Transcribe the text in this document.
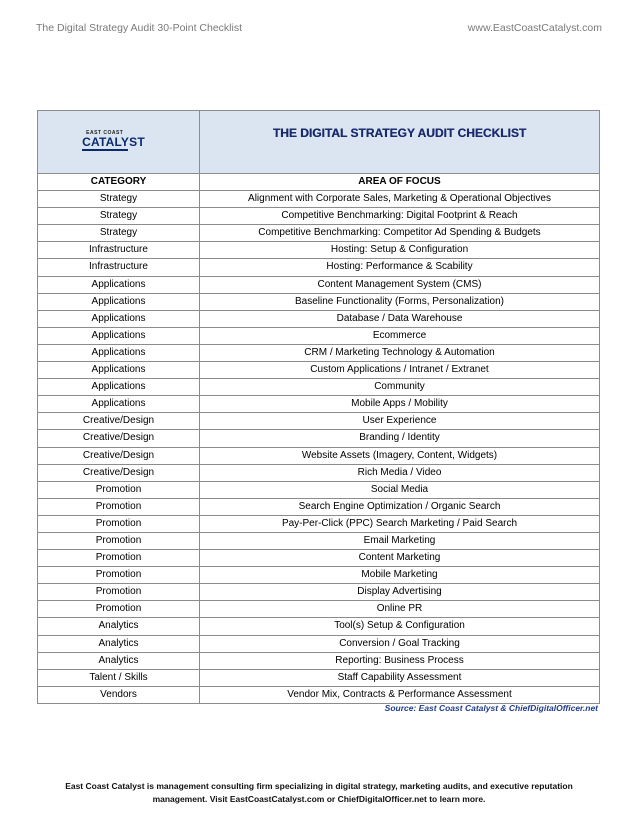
The Digital Strategy Audit 30-Point Checklist	www.EastCoastCatalyst.com
EAST COAST
CATALYST	THE DIGITAL STRATEGY AUDIT CHECKLIST
CATEGORY	AREA OF FOCUS
Strategy	Alignment with Corporate Sales, Marketing & Operational Objectives
Strategy	Competitive Benchmarking: Digital Footprint & Reach
Strategy	Competitive Benchmarking: Competitor Ad Spending & Budgets
Infrastructure	Hosting: Setup & Configuration
Infrastructure	Hosting: Performance & Scability
Applications	Content Management System (CMS)
Applications	Baseline Functionality (Forms, Personalization)
Applications	Database / Data Warehouse
Applications	Ecommerce
Applications	CRM / Marketing Technology & Automation
Applications	Custom Applications / Intranet / Extranet
Applications	Community
Applications	Mobile Apps / Mobility
Creative/Design	User Experience
Creative/Design	Branding / Identity
Creative/Design	Website Assets (Imagery, Content, Widgets)
Creative/Design	Rich Media / Video
Promotion	Social Media
Promotion	Search Engine Optimization / Organic Search
Promotion	Pay-Per-Click (PPC) Search Marketing / Paid Search
Promotion	Email Marketing
Promotion	Content Marketing
Promotion	Mobile Marketing
Promotion	Display Advertising
Promotion	Online PR
Analytics	Tool(s) Setup & Configuration
Analytics	Conversion / Goal Tracking
Analytics	Reporting: Business Process
Talent / Skills	Staff Capability Assessment
Vendors	Vendor Mix, Contracts & Performance Assessment
Source: East Coast Catalyst & ChiefDigitalOfficer.net
East Coast Catalyst is management consulting firm specializing in digital strategy, marketing audits, and executive reputation management. Visit EastCoastCatalyst.com or ChiefDigitalOfficer.net to learn more.
